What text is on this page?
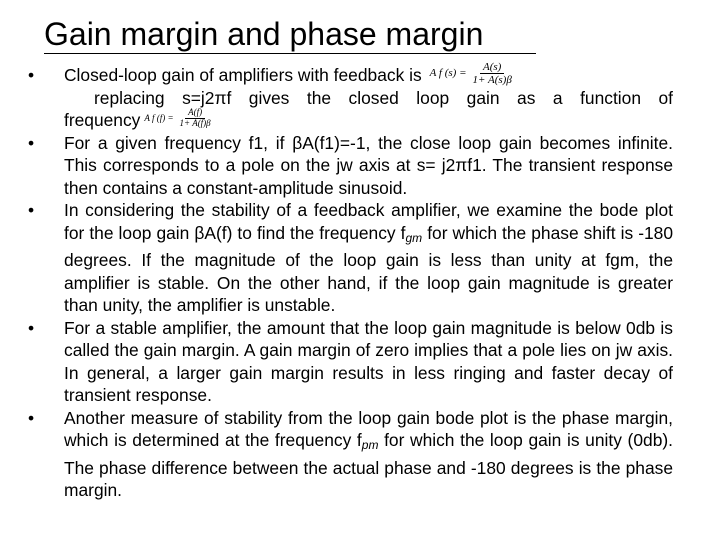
Gain margin and phase margin

• Closed-loop gain of amplifiers with feedback is A f $(s) = \frac{A(s)}{1+ A(s)\beta}$
replacing s=j2πf gives the closed loop gain as a function of
frequency A f $(f) = \frac{A(f)}{1+ A(f)\beta}$

• For a given frequency f1, if βA(f1)=-1, the close loop gain becomes infinite. This corresponds to a pole on the jw axis at s= j2πf1. The transient response then contains a constant-amplitude sinusoid.

• In considering the stability of a feedback amplifier, we examine the bode plot for the loop gain βA(f) to find the frequency $f_{gm}$ for which the phase shift is -180 degrees. If the magnitude of the loop gain is less than unity at fgm, the amplifier is stable. On the other hand, if the loop gain magnitude is greater than unity, the amplifier is unstable.

• For a stable amplifier, the amount that the loop gain magnitude is below 0db is called the gain margin. A gain margin of zero implies that a pole lies on jw axis. In general, a larger gain margin results in less ringing and faster decay of transient response.

• Another measure of stability from the loop gain bode plot is the phase margin, which is determined at the frequency $f_{pm}$ for which the loop gain is unity (0db). The phase difference between the actual phase and -180 degrees is the phase margin.
